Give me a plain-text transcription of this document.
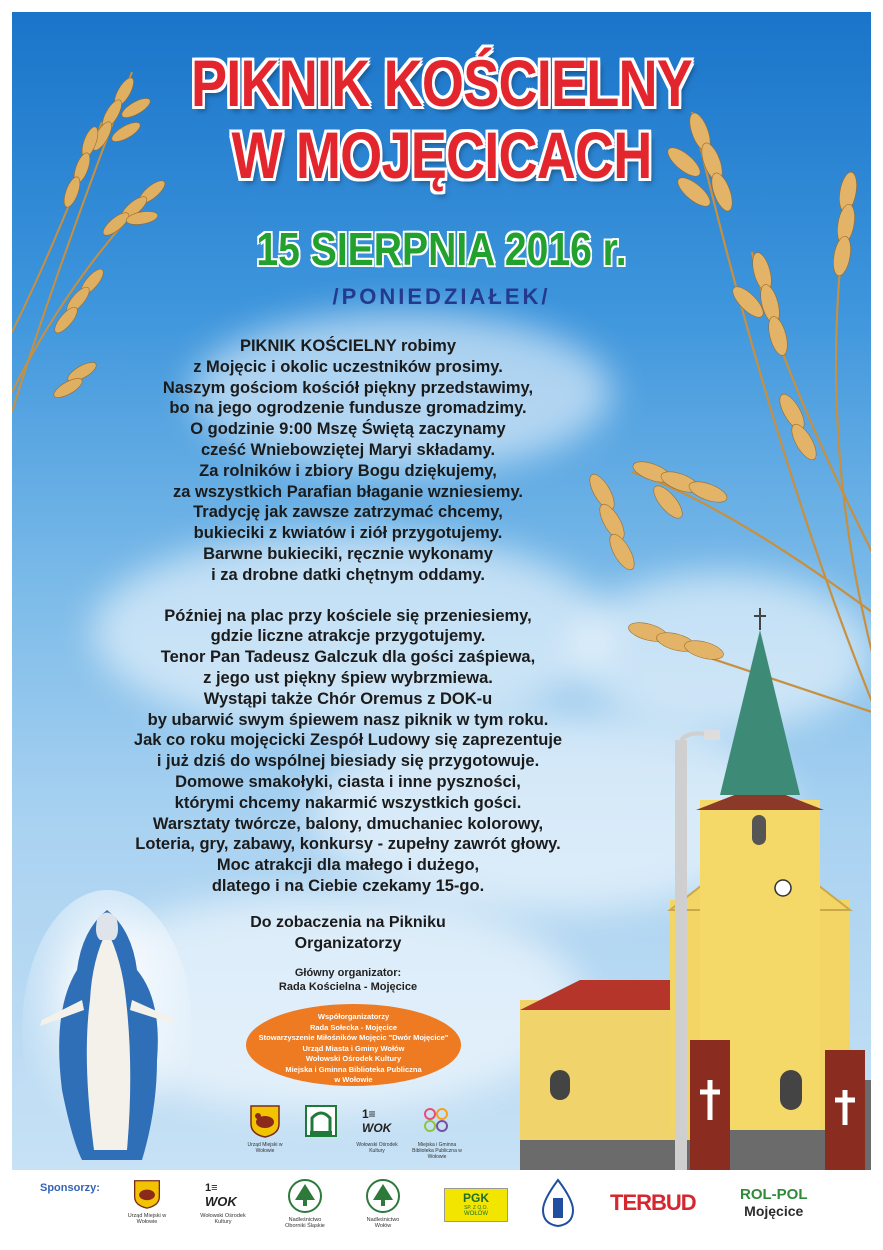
PIKNIK KOŚCIELNY
W MOJĘCICACH
15 SIERPNIA 2016 r.
/PONIEDZIAŁEK/
PIKNIK KOŚCIELNY robimy
z Mojęcic i okolic uczestników prosimy.
Naszym gościom kościół piękny przedstawimy,
bo na jego ogrodzenie fundusze gromadzimy.
O godzinie 9:00 Mszę Świętą zaczynamy
cześć Wniebowziętej Maryi składamy.
Za rolników i zbiory Bogu dziękujemy,
za wszystkich Parafian błaganie wzniesiemy.
Tradycję jak zawsze zatrzymać chcemy,
bukieciki z kwiatów i ziół przygotujemy.
Barwne bukieciki, ręcznie wykonamy
i za drobne datki chętnym oddamy.
Później na plac przy kościele się przeniesiemy,
gdzie liczne atrakcje przygotujemy.
Tenor Pan Tadeusz Galczuk dla gości zaśpiewa,
z jego ust piękny śpiew wybrzmiewa.
Wystąpi także Chór Oremus z DOK-u
by ubarwić swym śpiewem nasz piknik w tym roku.
Jak co roku mojęcicki Zespół Ludowy się zaprezentuje
i już dziś do wspólnej biesiady się przygotowuje.
Domowe smakołyki, ciasta i inne pyszności,
którymi chcemy nakarmić wszystkich gości.
Warsztaty twórcze, balony, dmuchaniec kolorowy,
Loteria, gry, zabawy, konkursy - zupełny zawrót głowy.
Moc atrakcji dla małego i dużego,
dlatego i na Ciebie czekamy 15-go.
Do zobaczenia na Pikniku
Organizatorzy
Główny organizator:
Rada Kościelna - Mojęcice
Współorganizatorzy
Rada Sołecka - Mojęcice
Stowarzyszenie Miłośników Mojęcic "Dwór Mojęcice"
Urząd Miasta i Gminy Wołów
Wołowski Ośrodek Kultury
Miejska i Gminna Biblioteka Publiczna
w Wołowie
Urząd Miejski w Wołowie
1≡
WOK
Wołowski Ośrodek Kultury
Miejska i Gminna Biblioteka Publiczna w Wołowie
Sponsorzy:
Urząd Miejski w Wołowie
1≡
WOK
Wołowski Ośrodek Kultury	Nadleśnictwo Oborniki Śląskie
Nadleśnictwo Wołów
PGK
SP. Z O.O.
WOŁÓW	TERBUD	ROL-POL
Mojęcice
